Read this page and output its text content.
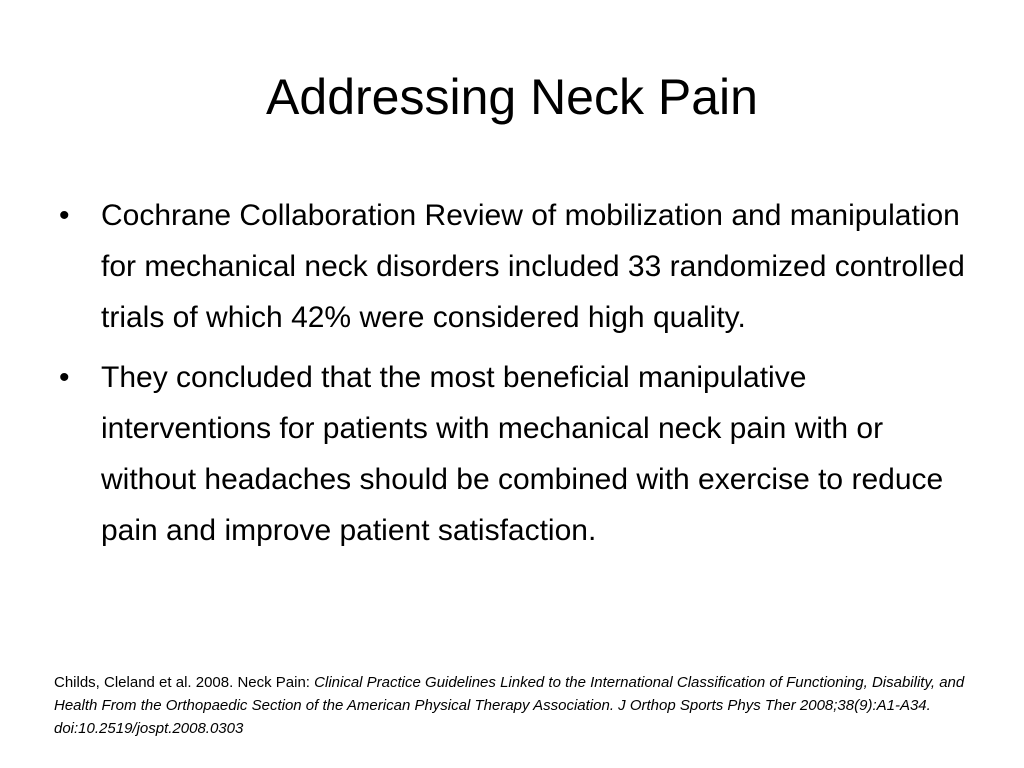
Addressing Neck Pain
• Cochrane Collaboration Review of mobilization and manipulation for mechanical neck disorders included 33 randomized controlled trials of which 42% were considered high quality.
• They concluded that the most beneficial manipulative interventions for patients with mechanical neck pain with or without headaches should be combined with exercise to reduce pain and improve patient satisfaction.

Childs, Cleland et al. 2008. Neck Pain: Clinical Practice Guidelines Linked to the International Classification of Functioning, Disability, and Health From the Orthopaedic Section of the American Physical Therapy Association. J Orthop Sports Phys Ther 2008;38(9):A1-A34. doi:10.2519/jospt.2008.0303
